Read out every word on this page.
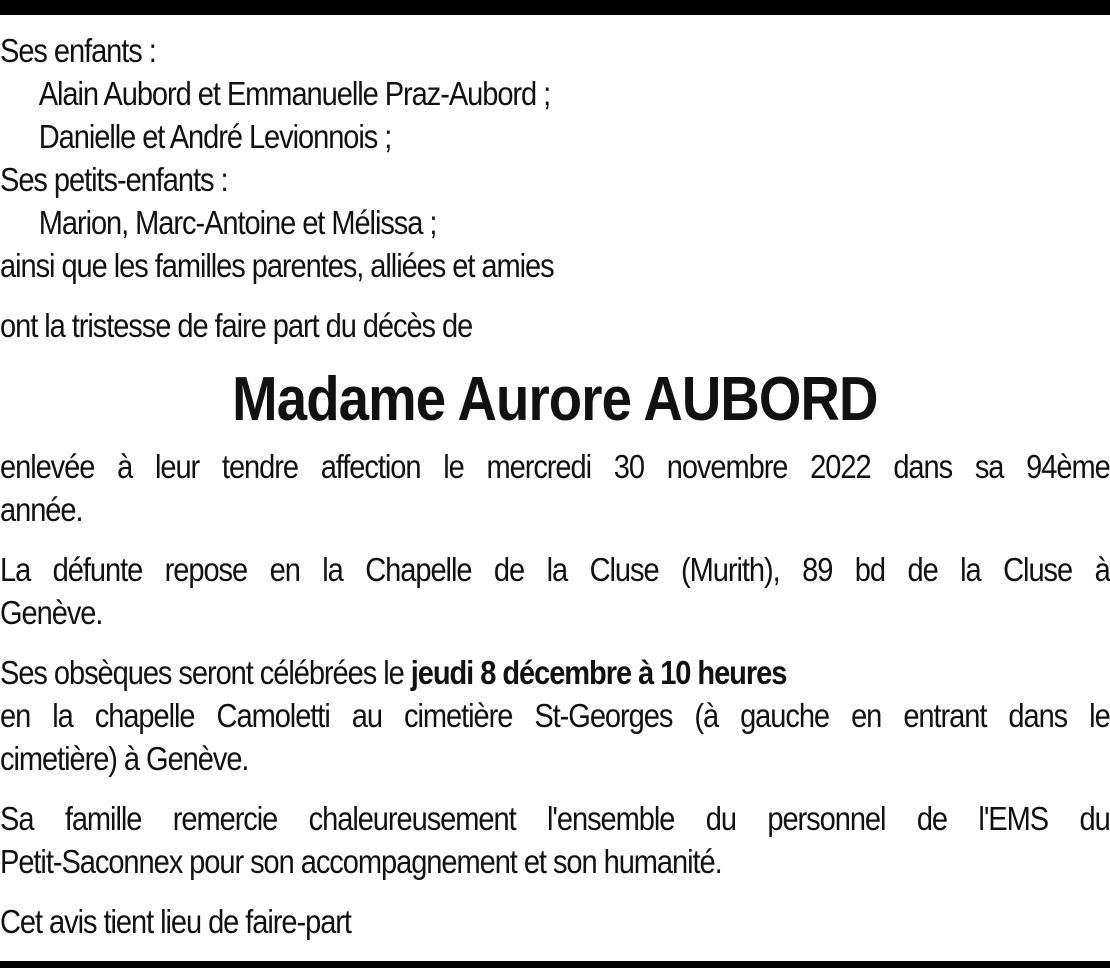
Ses enfants :
Alain Aubord et Emmanuelle Praz-Aubord ;
Danielle et André Levionnois ;
Ses petits-enfants :
Marion, Marc-Antoine et Mélissa ;
ainsi que les familles parentes, alliées et amies
ont la tristesse de faire part du décès de
Madame Aurore AUBORD
enlevée à leur tendre affection le mercredi 30 novembre 2022 dans sa 94ème
année.
La défunte repose en la Chapelle de la Cluse (Murith), 89 bd de la Cluse à
Genève.
Ses obsèques seront célébrées le jeudi 8 décembre à 10 heures
en la chapelle Camoletti au cimetière St-Georges (à gauche en entrant dans le
cimetière) à Genève.
Sa famille remercie chaleureusement l'ensemble du personnel de l'EMS du
Petit-Saconnex pour son accompagnement et son humanité.
Cet avis tient lieu de faire-part
